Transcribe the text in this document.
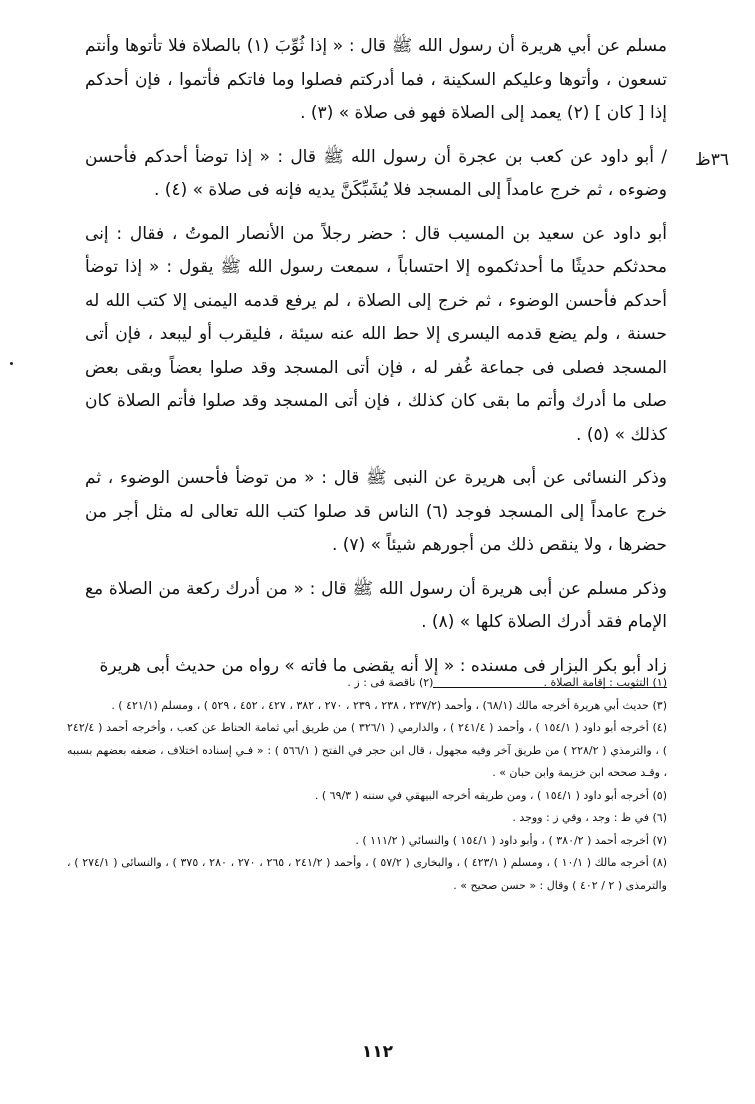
٣٦ظ

مسلم عن أبي هريرة أن رسول الله ﷺ قال : « إذا ثُوِّبَ (١) بالصلاة فلا تأتوها وأنتم تسعون ، وأتوها وعليكم السكينة ، فما أدركتم فصلوا وما فاتكم فأتموا ، فإن أحدكم إذا [ كان ] (٢) يعمد إلى الصلاة فهو فى صلاة » (٣) .

/ أبو داود عن كعب بن عجرة أن رسول الله ﷺ قال : « إذا توضأ أحدكم فأحسن وضوءه ، ثم خرج عامداً إلى المسجد فلا يُشَبِّكَنَّ يديه فإنه فى صلاة » (٤) .

أبو داود عن سعيد بن المسيب قال : حضر رجلاً من الأنصار الموتُ ، فقال : إنى محدثكم حديثًا ما أحدثكموه إلا احتساباً ، سمعت رسول الله ﷺ يقول : « إذا توضأ أحدكم فأحسن الوضوء ، ثم خرج إلى الصلاة ، لم يرفع قدمه اليمنى إلا كتب الله له حسنة ، ولم يضع قدمه اليسرى إلا حط الله عنه سيئة ، فليقرب أو ليبعد ، فإن أتى المسجد فصلى فى جماعة غُفر له ، فإن أتى المسجد وقد صلوا بعضاً وبقى بعض صلى ما أدرك وأتم ما بقى كان كذلك ، فإن أتى المسجد وقد صلوا فأتم الصلاة كان كذلك » (٥) .

وذكر النسائى عن أبى هريرة عن النبى ﷺ قال : « من توضأ فأحسن الوضوء ، ثم خرج عامداً إلى المسجد فوجد (٦) الناس قد صلوا كتب الله تعالى له مثل أجر من حضرها ، ولا ينقص ذلك من أجورهم شيئاً » (٧) .

وذكر مسلم عن أبى هريرة أن رسول الله ﷺ قال : « من أدرك ركعة من الصلاة مع الإمام فقد أدرك الصلاة كلها » (٨) .

زاد أبو بكر البزار فى مسنده : « إلا أنه يقضى ما فاته » رواه من حديث أبى هريرة

(١) التثويب : إقامة الصلاة .
(٢) ناقصة فى : ز .
(٣) حديث أبي هريرة أخرجه مالك (٦٨/١) ، وأحمد (٢٣٧/٢ ، ٢٣٨ ، ٢٣٩ ، ٢٧٠ ، ٣٨٢ ، ٤٢٧ ، ٤٥٢ ، ٥٢٩ ) ، ومسلم (٤٢١/١ ) .
(٤) أخرجه أبو داود ( ١٥٤/١ ) ، وأحمد ( ٢٤١/٤ ) ، والدارمي ( ٣٢٦/١ ) من طريق أبي ثمامة الحناط عن كعب ، وأخرجه أحمد ( ٢٤٢/٤ ) ، والترمذي ( ٢٢٨/٢ ) من طريق آخر وفيه مجهول ، قال ابن حجر في الفتح ( ٥٦٦/١ ) : « فـي إسناده اختلاف ، ضعفه بعضهم بسببه ، وقـد صححه ابن خزيمة وابن حبان » .
(٥) أخرجه أبو داود ( ١٥٤/١ ) ، ومن طريقه أخرجه البيهقي في سننه ( ٦٩/٣ ) .
(٦) في ظ : وجد ، وفي ز : ووجد .
(٧) أخرجه أحمد ( ٣٨٠/٢ ) ، وأبو داود ( ١٥٤/١ ) والنسائي ( ١١١/٢ ) .
(٨) أخرجه مالك ( ١٠/١ ) ، ومسلم ( ٤٢٣/١ ) ، والبخارى ( ٥٧/٢ ) ، وأحمد ( ٢٤١/٢ ، ٢٦٥ ، ٢٧٠ ، ٢٨٠ ، ٣٧٥ ) ، والنسائى ( ٢٧٤/١ ) ، والترمذى ( ٢ / ٤٠٢ ) وقال : « حسن صحيح » .
١١٢
